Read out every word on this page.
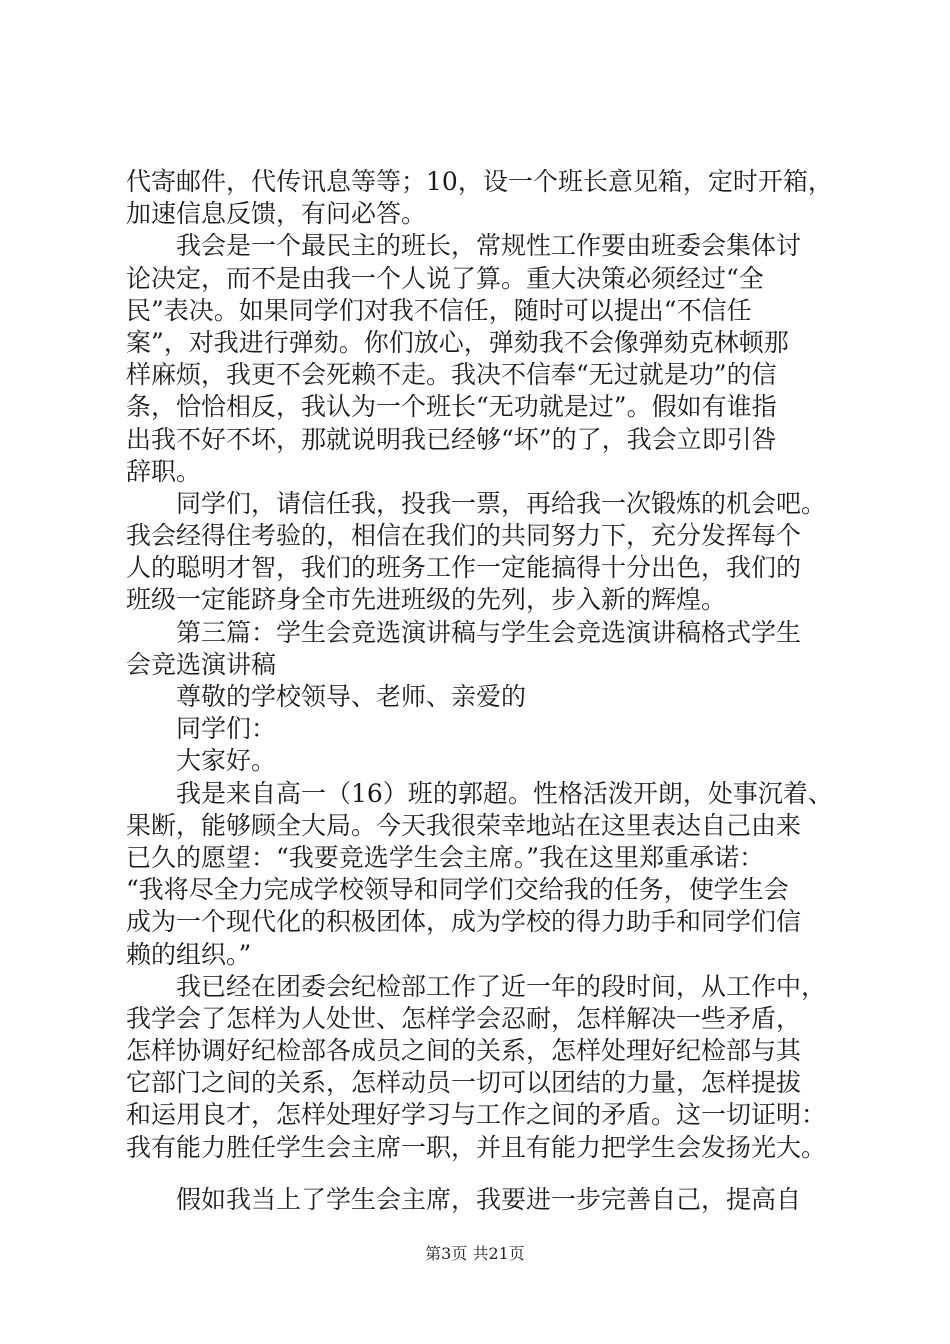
代寄邮件，代传讯息等等；10，设一个班长意见箱，定时开箱，
加速信息反馈，有问必答。
　　我会是一个最民主的班长，常规性工作要由班委会集体讨
论决定，而不是由我一个人说了算。重大决策必须经过“全
民”表决。如果同学们对我不信任，随时可以提出“不信任
案”，对我进行弹劾。你们放心，弹劾我不会像弹劾克林顿那
样麻烦，我更不会死赖不走。我决不信奉“无过就是功”的信
条，恰恰相反，我认为一个班长“无功就是过”。假如有谁指
出我不好不坏，那就说明我已经够“坏”的了，我会立即引咎
辞职。
　　同学们，请信任我，投我一票，再给我一次锻炼的机会吧。
我会经得住考验的，相信在我们的共同努力下，充分发挥每个
人的聪明才智，我们的班务工作一定能搞得十分出色，我们的
班级一定能跻身全市先进班级的先列，步入新的辉煌。
　　第三篇：学生会竞选演讲稿与学生会竞选演讲稿格式学生
会竞选演讲稿
　　尊敬的学校领导、老师、亲爱的
　　同学们：
　　大家好。
　　我是来自高一（16）班的郭超。性格活泼开朗，处事沉着、
果断，能够顾全大局。今天我很荣幸地站在这里表达自己由来
已久的愿望：“我要竞选学生会主席。”我在这里郑重承诺：
“我将尽全力完成学校领导和同学们交给我的任务，使学生会
成为一个现代化的积极团体，成为学校的得力助手和同学们信
赖的组织。”
　　我已经在团委会纪检部工作了近一年的段时间，从工作中，
我学会了怎样为人处世、怎样学会忍耐，怎样解决一些矛盾，
怎样协调好纪检部各成员之间的关系，怎样处理好纪检部与其
它部门之间的关系，怎样动员一切可以团结的力量，怎样提拔
和运用良才，怎样处理好学习与工作之间的矛盾。这一切证明：
我有能力胜任学生会主席一职，并且有能力把学生会发扬光大。
　　假如我当上了学生会主席，我要进一步完善自己，提高自
第3页 共21页
